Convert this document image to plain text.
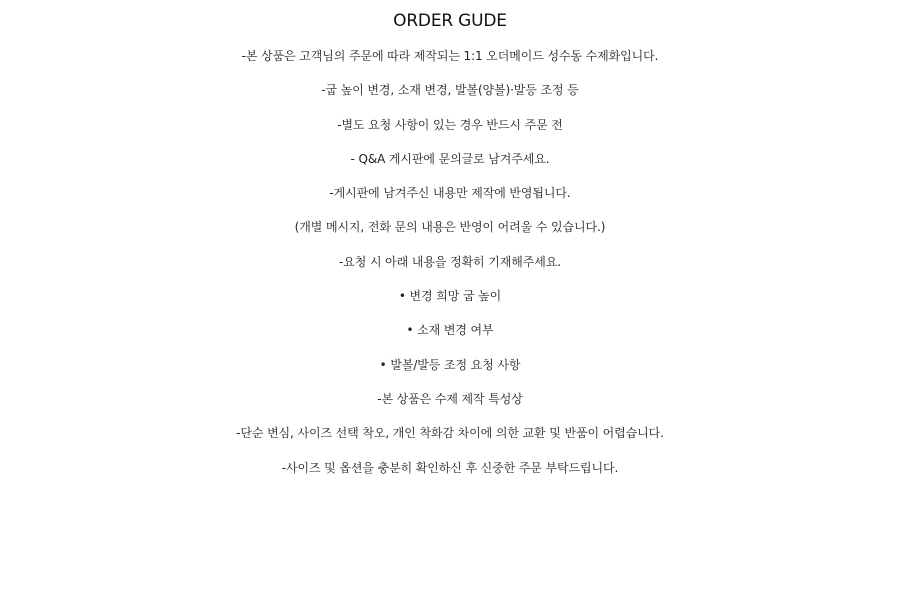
ORDER GUDE
-본 상품은 고객님의 주문에 따라 제작되는 1:1 오더메이드 성수동 수제화입니다.
-굽 높이 변경, 소재 변경, 발볼(양볼)·발등 조정 등
-별도 요청 사항이 있는 경우 반드시 주문 전
- Q&A 게시판에 문의글로 남겨주세요.
-게시판에 남겨주신 내용만 제작에 반영됩니다.
(개별 메시지, 전화 문의 내용은 반영이 어려울 수 있습니다.)
-요청 시 아래 내용을 정확히 기재해주세요.
• 변경 희망 굽 높이
• 소재 변경 여부
• 발볼/발등 조정 요청 사항
-본 상품은 수제 제작 특성상
-단순 변심, 사이즈 선택 착오, 개인 착화감 차이에 의한 교환 및 반품이 어렵습니다.
-사이즈 및 옵션을 충분히 확인하신 후 신중한 주문 부탁드립니다.
